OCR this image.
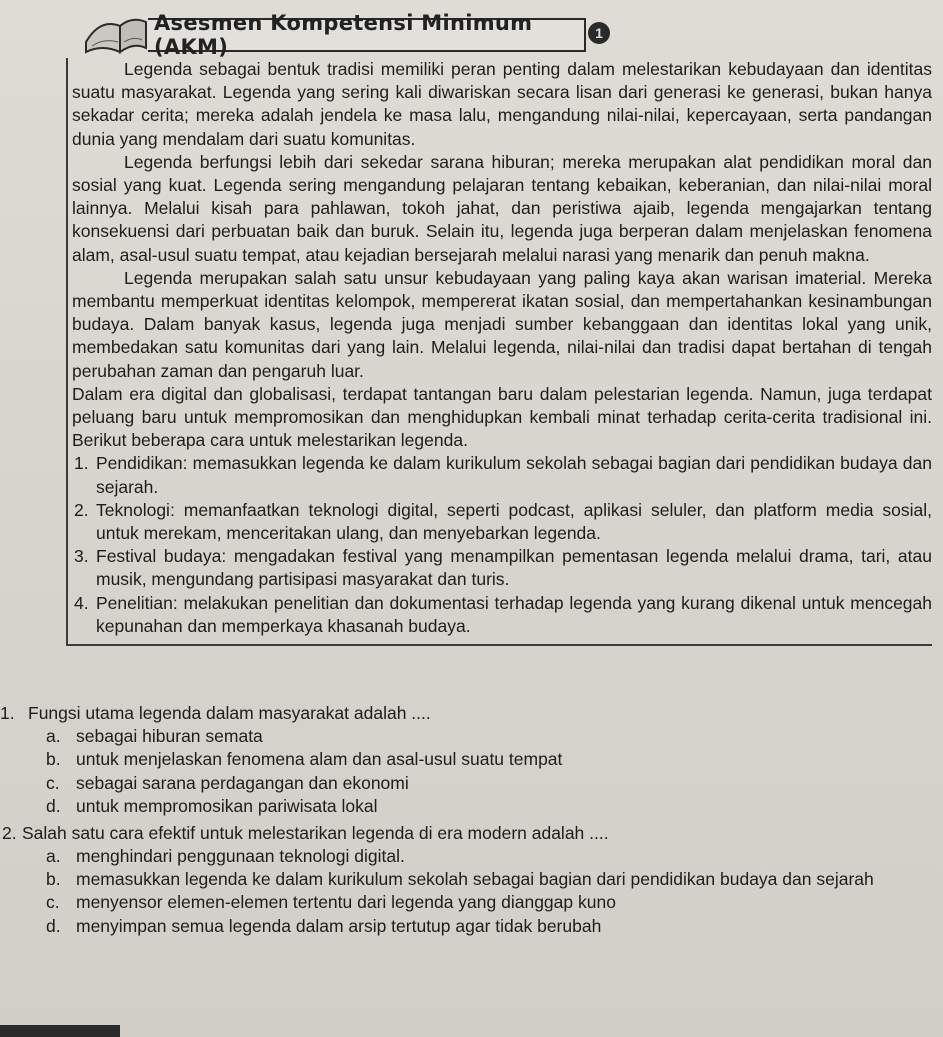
Asesmen Kompetensi Minimum (AKM)
1

Legenda sebagai bentuk tradisi memiliki peran penting dalam melestarikan kebudayaan dan identitas suatu masyarakat. Legenda yang sering kali diwariskan secara lisan dari generasi ke generasi, bukan hanya sekadar cerita; mereka adalah jendela ke masa lalu, mengandung nilai-nilai, kepercayaan, serta pandangan dunia yang mendalam dari suatu komunitas.

Legenda berfungsi lebih dari sekedar sarana hiburan; mereka merupakan alat pendidikan moral dan sosial yang kuat. Legenda sering mengandung pelajaran tentang kebaikan, keberanian, dan nilai-nilai moral lainnya. Melalui kisah para pahlawan, tokoh jahat, dan peristiwa ajaib, legenda mengajarkan tentang konsekuensi dari perbuatan baik dan buruk. Selain itu, legenda juga berperan dalam menjelaskan fenomena alam, asal-usul suatu tempat, atau kejadian bersejarah melalui narasi yang menarik dan penuh makna.

Legenda merupakan salah satu unsur kebudayaan yang paling kaya akan warisan imaterial. Mereka membantu memperkuat identitas kelompok, mempererat ikatan sosial, dan mempertahankan kesinambungan budaya. Dalam banyak kasus, legenda juga menjadi sumber kebanggaan dan identitas lokal yang unik, membedakan satu komunitas dari yang lain. Melalui legenda, nilai-nilai dan tradisi dapat bertahan di tengah perubahan zaman dan pengaruh luar.

Dalam era digital dan globalisasi, terdapat tantangan baru dalam pelestarian legenda. Namun, juga terdapat peluang baru untuk mempromosikan dan menghidupkan kembali minat terhadap cerita-cerita tradisional ini. Berikut beberapa cara untuk melestarikan legenda.

1. Pendidikan: memasukkan legenda ke dalam kurikulum sekolah sebagai bagian dari pendidikan budaya dan sejarah.
2. Teknologi: memanfaatkan teknologi digital, seperti podcast, aplikasi seluler, dan platform media sosial, untuk merekam, menceritakan ulang, dan menyebarkan legenda.
3. Festival budaya: mengadakan festival yang menampilkan pementasan legenda melalui drama, tari, atau musik, mengundang partisipasi masyarakat dan turis.
4. Penelitian: melakukan penelitian dan dokumentasi terhadap legenda yang kurang dikenal untuk mencegah kepunahan dan memperkaya khasanah budaya.
1. Fungsi utama legenda dalam masyarakat adalah ....
a. sebagai hiburan semata
b. untuk menjelaskan fenomena alam dan asal-usul suatu tempat
c. sebagai sarana perdagangan dan ekonomi
d. untuk mempromosikan pariwisata lokal
2. Salah satu cara efektif untuk melestarikan legenda di era modern adalah ....
a. menghindari penggunaan teknologi digital.
b. memasukkan legenda ke dalam kurikulum sekolah sebagai bagian dari pendidikan budaya dan sejarah
c. menyensor elemen-elemen tertentu dari legenda yang dianggap kuno
d. menyimpan semua legenda dalam arsip tertutup agar tidak berubah
